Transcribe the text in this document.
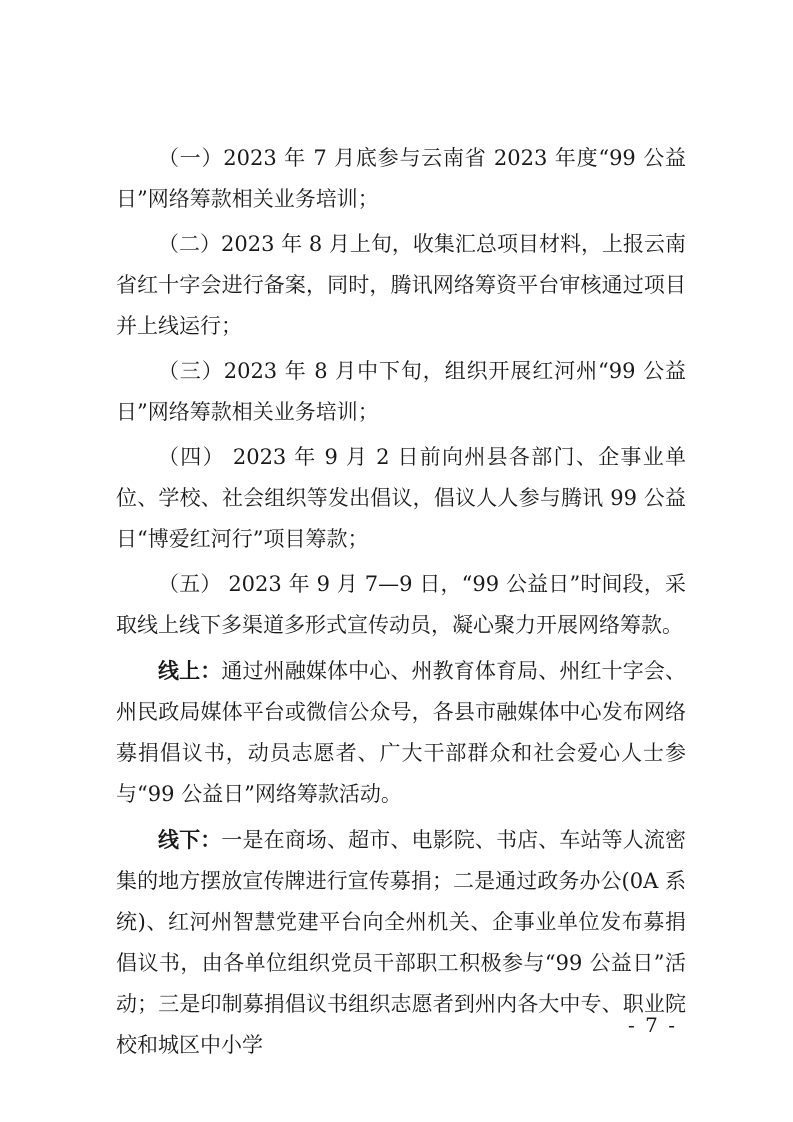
（一）2023 年 7 月底参与云南省 2023 年度“99 公益日”网络筹款相关业务培训；

（二）2023 年 8 月上旬，收集汇总项目材料，上报云南省红十字会进行备案，同时，腾讯网络筹资平台审核通过项目并上线运行；

（三）2023 年 8 月中下旬，组织开展红河州“99 公益日”网络筹款相关业务培训；

（四） 2023 年 9 月 2 日前向州县各部门、企事业单位、学校、社会组织等发出倡议，倡议人人参与腾讯 99 公益日“博爱红河行”项目筹款；

（五） 2023 年 9 月 7—9 日，“99 公益日”时间段，采取线上线下多渠道多形式宣传动员，凝心聚力开展网络筹款。

线上：通过州融媒体中心、州教育体育局、州红十字会、州民政局媒体平台或微信公众号，各县市融媒体中心发布网络募捐倡议书，动员志愿者、广大干部群众和社会爱心人士参与“99 公益日”网络筹款活动。

线下：一是在商场、超市、电影院、书店、车站等人流密集的地方摆放宣传牌进行宣传募捐；二是通过政务办公(0A 系统)、红河州智慧党建平台向全州机关、企事业单位发布募捐倡议书，由各单位组织党员干部职工积极参与“99 公益日”活动；三是印制募捐倡议书组织志愿者到州内各大中专、职业院校和城区中小学

- 7 -
